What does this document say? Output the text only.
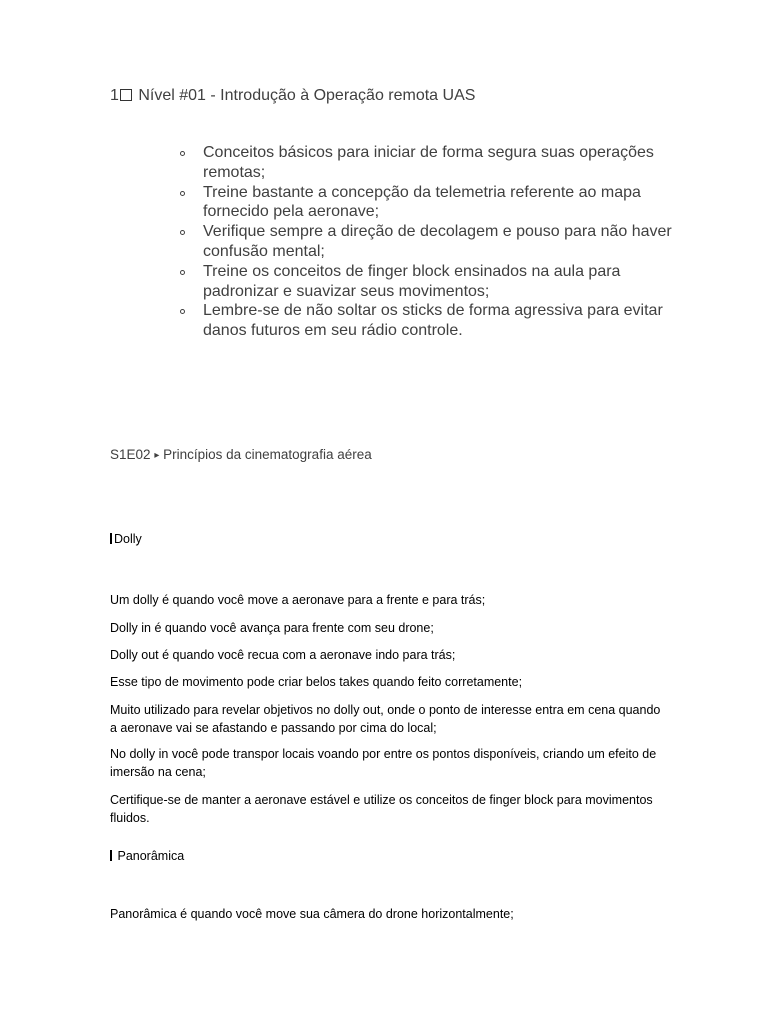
1 Nível #01 - Introdução à Operação remota UAS
Conceitos básicos para iniciar de forma segura suas operações remotas;
Treine bastante a concepção da telemetria referente ao mapa fornecido pela aeronave;
Verifique sempre a direção de decolagem e pouso para não haver confusão mental;
Treine os conceitos de finger block ensinados na aula para padronizar e suavizar seus movimentos;
Lembre-se de não soltar os sticks de forma agressiva para evitar danos futuros em seu rádio controle.
S1E02 ▸ Princípios da cinematografia aérea
Dolly

Um dolly é quando você move a aeronave para a frente e para trás;

Dolly in é quando você avança para frente com seu drone;

Dolly out é quando você recua com a aeronave indo para trás;

Esse tipo de movimento pode criar belos takes quando feito corretamente;

Muito utilizado para revelar objetivos no dolly out, onde o ponto de interesse entra em cena quando a aeronave vai se afastando e passando por cima do local;

No dolly in você pode transpor locais voando por entre os pontos disponíveis, criando um efeito de imersão na cena;

Certifique-se de manter a aeronave estável e utilize os conceitos de finger block para movimentos fluidos.

Panorâmica

Panorâmica é quando você move sua câmera do drone horizontalmente;
